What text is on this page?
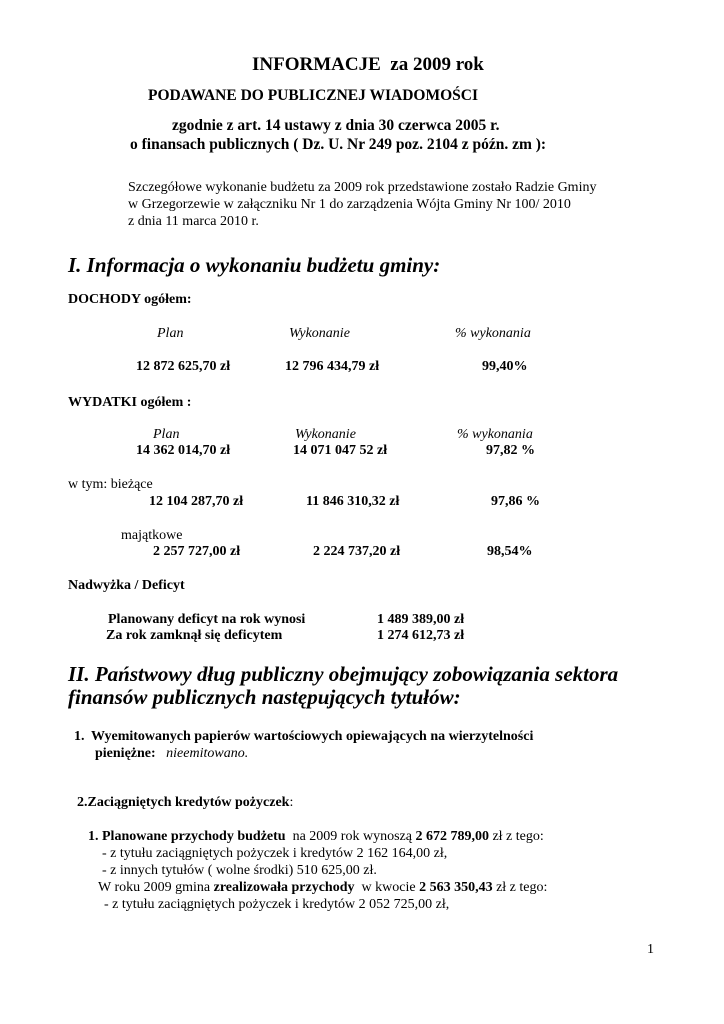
INFORMACJE za 2009 rok
PODAWANE DO PUBLICZNEJ WIADOMOŚCI
zgodnie z art. 14 ustawy z dnia 30 czerwca 2005 r.
o finansach publicznych ( Dz. U. Nr 249 poz. 2104 z późn. zm ):
Szczegółowe wykonanie budżetu za 2009 rok przedstawione zostało Radzie Gminy
w Grzegorzewie w załączniku Nr 1 do zarządzenia Wójta Gminy Nr 100/ 2010
z dnia 11 marca 2010 r.
I. Informacja o wykonaniu budżetu gminy:
DOCHODY ogółem:
Plan	Wykonanie	% wykonania
12 872 625,70 zł	12 796 434,79 zł	99,40%
WYDATKI ogółem :
Plan	Wykonanie	% wykonania
14 362 014,70 zł	14 071 047 52 zł	97,82 %
w tym: bieżące
12 104 287,70 zł	11 846 310,32 zł	97,86 %
majątkowe
2 257 727,00 zł	2 224 737,20 zł	98,54%
Nadwyżka / Deficyt
Planowany deficyt na rok wynosi	1 489 389,00 zł
Za rok zamknął się deficytem	1 274 612,73 zł
II. Państwowy dług publiczny obejmujący zobowiązania sektora
finansów publicznych następujących tytułów:
1. Wyemitowanych papierów wartościowych opiewających na wierzytelności
pieniężne: nieemitowano.
2.Zaciągniętych kredytów pożyczek:
1. Planowane przychody budżetu  na 2009 rok wynoszą 2 672 789,00 zł z tego:
- z tytułu zaciągniętych pożyczek i kredytów 2 162 164,00 zł,
- z innych tytułów ( wolne środki) 510 625,00 zł.
W roku 2009 gmina zrealizowała przychody  w kwocie 2 563 350,43 zł z tego:
- z tytułu zaciągniętych pożyczek i kredytów 2 052 725,00 zł,
1
